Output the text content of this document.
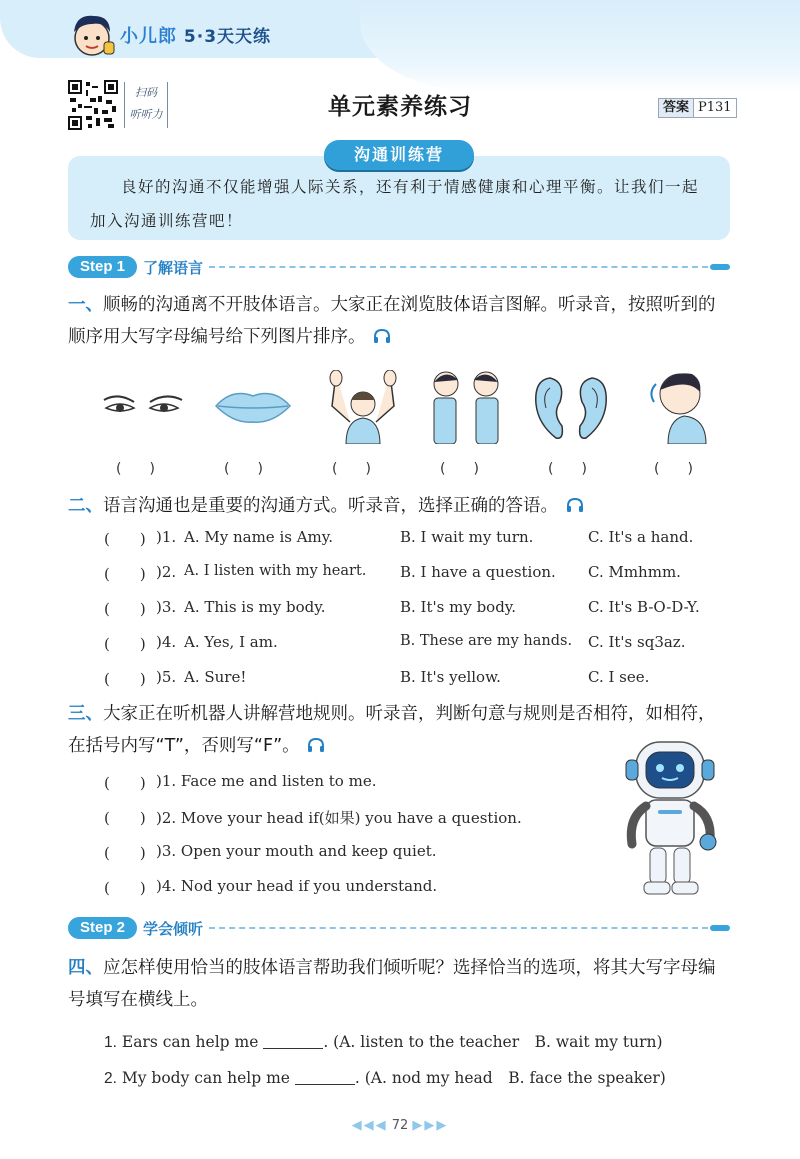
小儿郎 5·3天天练
扫码
听听力	单元素养练习	答案 P131
沟通训练营
良好的沟通不仅能增强人际关系，还有利于情感健康和心理平衡。让我们一起加入沟通训练营吧！
Step 1	了解语言
一、顺畅的沟通离不开肢体语言。大家正在浏览肢体语言图解。听录音，按照听到的顺序用大写字母编号给下列图片排序。
(　　)	(　　)	(　　)	(　　)	(　　)	(　　)
二、语言沟通也是重要的沟通方式。听录音，选择正确的答语。
(　　) )1. A. My name is Amy.	B. I wait my turn.	C. It's a hand.
(　　) )2. A. I listen with my heart. B. I have a question. C. Mmhmm.
(　　) )3. A. This is my body.	B. It's my body.	C. It's B-O-D-Y.
(　　) )4. A. Yes, I am.	B. These are my hands. C. It's sq3az.
(　　) )5. A. Sure!	B. It's yellow.	C. I see.
三、大家正在听机器人讲解营地规则。听录音，判断句意与规则是否相符，如相符，在括号内写“T”，否则写“F”。
(　　) )1. Face me and listen to me.
(　　) )2. Move your head if(如果) you have a question.
(　　) )3. Open your mouth and keep quiet.
(　　) )4. Nod your head if you understand.
Step 2	学会倾听
四、应怎样使用恰当的肢体语言帮助我们倾听呢？选择恰当的选项，将其大写字母编号填写在横线上。
1. Ears can help me	. (A. listen to the teacher　B. wait my turn)
2. My body can help me	. (A. nod my head　B. face the speaker)
◀◀◀ 72 ▶▶▶
